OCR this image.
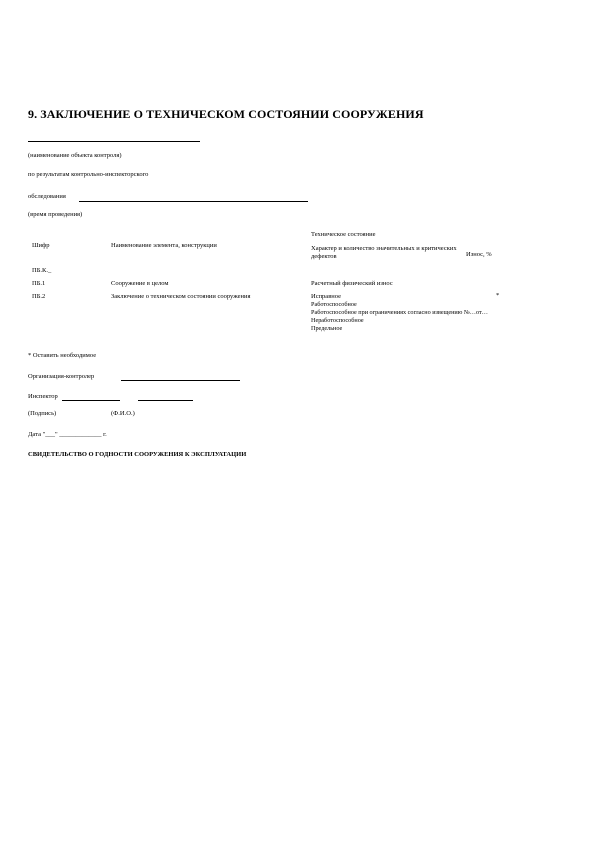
9. ЗАКЛЮЧЕНИЕ О ТЕХНИЧЕСКОМ СОСТОЯНИИ СООРУЖЕНИЯ
(наименование объекта контроля)
по результатам контрольно-инспекторского
обследования
(время проведения)
Техническое состояние
Шифр	Наименование элемента, конструкции	Характер и количество значительных и критических дефектов	Износ, %
ПБ.К._
ПБ.1	Сооружение в целом	Расчетный физический износ
ПБ.2	Заключение о техническом состоянии сооружения	Исправное	*
Работоспособное
Работоспособное при ограничениях согласно извещению №…от…
Неработоспособное
Предельное
* Оставить необходимое
Организация-контролер
Инспектор
(Подпись)	(Ф.И.О.)
Дата "___" _____________ г.
СВИДЕТЕЛЬСТВО О ГОДНОСТИ СООРУЖЕНИЯ К ЭКСПЛУАТАЦИИ
